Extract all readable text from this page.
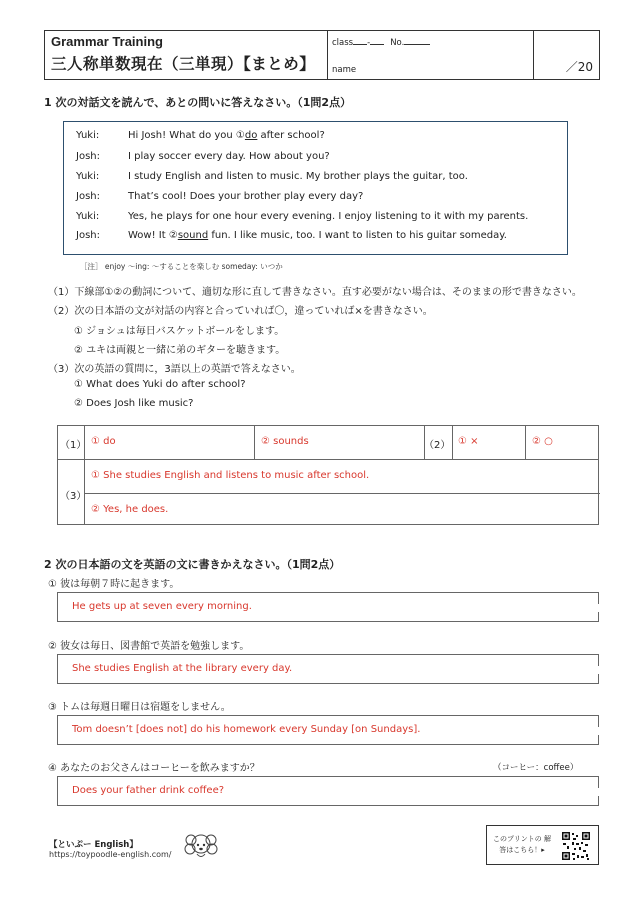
Grammar Training
三人称単数現在（三単現）【まとめ】
class - No.
name	／20
1 次の対話文を読んで、あとの問いに答えなさい。（1問2点）
Yuki:	Hi Josh! What do you ①do after school?
Josh:	I play soccer every day. How about you?
Yuki:	I study English and listen to music. My brother plays the guitar, too.
Josh:	That’s cool! Does your brother play every day?
Yuki:	Yes, he plays for one hour every evening. I enjoy listening to it with my parents.
Josh:	Wow! It ②sound fun. I like music, too. I want to listen to his guitar someday.
［注］ enjoy ～ing: ～することを楽しむ someday: いつか
（1）下線部①②の動詞について、適切な形に直して書きなさい。直す必要がない場合は、そのままの形で書きなさい。
（2）次の日本語の文が対話の内容と合っていれば〇，違っていれば×を書きなさい。
① ジョシュは毎日バスケットボールをします。
② ユキは両親と一緒に弟のギターを聴きます。
（3）次の英語の質問に，3語以上の英語で答えなさい。
① What does Yuki do after school?
② Does Josh like music?
（1） ① do	② sounds	（2） ① ×	② ○
（3）
① She studies English and listens to music after school.
② Yes, he does.
2 次の日本語の文を英語の文に書きかえなさい。（1問2点）
① 彼は毎朝７時に起きます。
He gets up at seven every morning.
② 彼女は毎日、図書館で英語を勉強します。
She studies English at the library every day.
③ トムは毎週日曜日は宿題をしません。
Tom doesn’t [does not] do his homework every Sunday [on Sundays].
④ あなたのお父さんはコーヒーを飲みますか？	（コーヒー：coffee）
Does your father drink coffee?
【といぷー English】
https://toypoodle-english.com/
このプリントの 解答はこちら！▸
